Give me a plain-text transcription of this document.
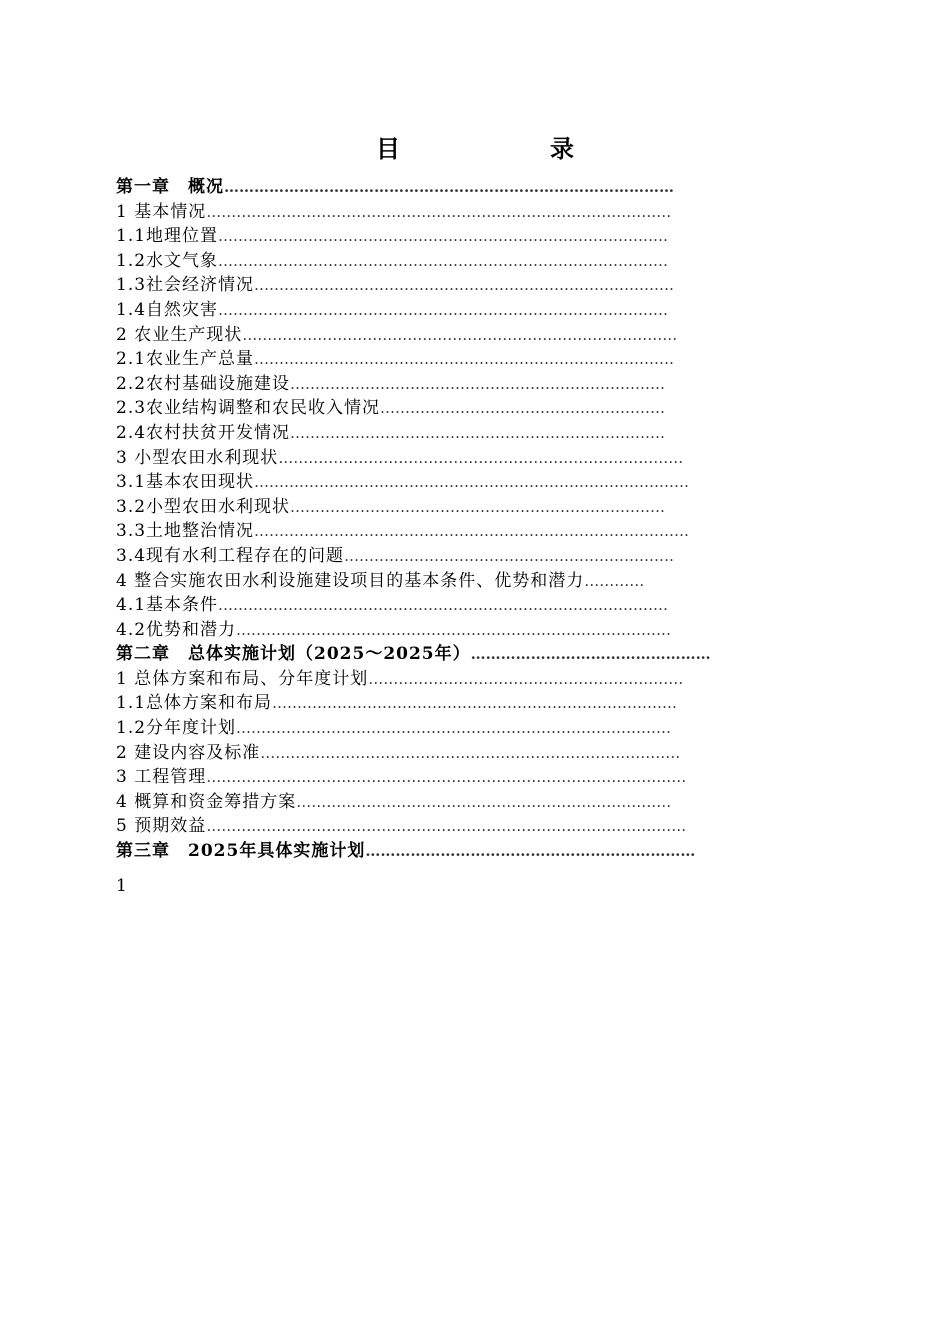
目　　录
第一章　概况………………………………………………………………………………
1 基本情况…………………………………………………………………………………
1.1地理位置………………………………………………………………………………
1.2水文气象………………………………………………………………………………
1.3社会经济情况…………………………………………………………………………
1.4自然灾害………………………………………………………………………………
2 农业生产现状……………………………………………………………………………
2.1农业生产总量…………………………………………………………………………
2.2农村基础设施建设…………………………………………………………………
2.3农业结构调整和农民收入情况…………………………………………………
2.4农村扶贫开发情况…………………………………………………………………
3 小型农田水利现状………………………………………………………………………
3.1基本农田现状……………………………………………………………………………
3.2小型农田水利现状…………………………………………………………………
3.3土地整治情况……………………………………………………………………………
3.4现有水利工程存在的问题…………………………………………………………
4 整合实施农田水利设施建设项目的基本条件、优势和潜力…………
4.1基本条件………………………………………………………………………………
4.2优势和潜力……………………………………………………………………………
第二章　总体实施计划（2025～2025年）…………………………………………
1 总体方案和布局、分年度计划………………………………………………………
1.1总体方案和布局………………………………………………………………………
1.2分年度计划……………………………………………………………………………
2 建设内容及标准…………………………………………………………………………
3 工程管理……………………………………………………………………………………
4 概算和资金筹措方案…………………………………………………………………
5 预期效益……………………………………………………………………………………
第三章　2025年具体实施计划…………………………………………………………
1
